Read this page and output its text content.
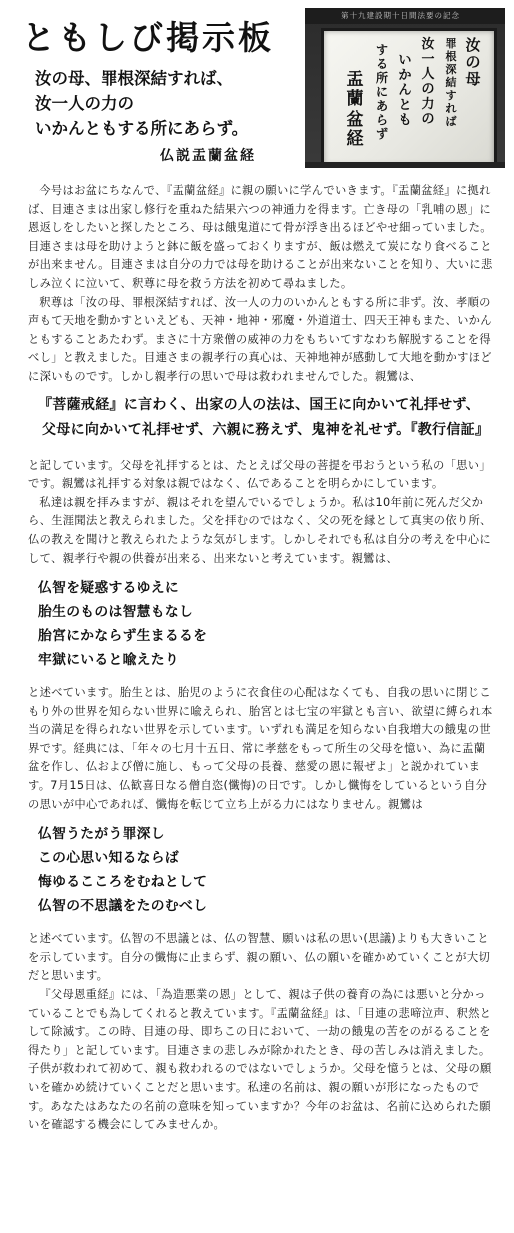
ともしび掲示板
汝の母、罪根深結すれば、
汝一人の力の
いかんともする所にあらず。
仏説盂蘭盆経
第十九建設期十日間法要の記念
汝の母
罪根深結すれば
汝一人の力の
いかんとも
する所にあらず
盂蘭
盆経

今号はお盆にちなんで、『盂蘭盆経』に親の願いに学んでいきます。『盂蘭盆経』に拠れば、目連さまは出家し修行を重ねた結果六つの神通力を得ます。亡き母の「乳哺の恩」に恩返しをしたいと探したところ、母は餓鬼道にて骨が浮き出るほどやせ細っていました。目連さまは母を助けようと鉢に飯を盛っておくりますが、飯は燃えて炭になり食べることが出来ません。目連さまは自分の力では母を助けることが出来ないことを知り、大いに悲しみ泣くに泣いて、釈尊に母を救う方法を初めて尋ねました。

釈尊は「汝の母、罪根深結すれば、汝一人の力のいかんともする所に非ず。汝、孝順の声もて天地を動かすといえども、天神・地神・邪魔・外道道士、四天王神もまた、いかんともすることあたわず。まさに十方衆僧の威神の力をもちいてすなわち解脱することを得べし」と教えました。目連さまの親孝行の真心は、天神地神が感動して大地を動かすほどに深いものです。しかし親孝行の思いで母は救われませんでした。親鸞は、

『菩薩戒経』に言わく、出家の人の法は、国王に向かいて礼拝せず、
父母に向かいて礼拝せず、六親に務えず、鬼神を礼せず。『教行信証』

と記しています。父母を礼拝するとは、たとえば父母の菩提を弔おうという私の「思い」です。親鸞は礼拝する対象は親ではなく、仏であることを明らかにしています。

私達は親を拝みますが、親はそれを望んでいるでしょうか。私は10年前に死んだ父から、生涯聞法と教えられました。父を拝むのではなく、父の死を縁として真実の依り所、仏の教えを聞けと教えられたような気がします。しかしそれでも私は自分の考えを中心にして、親孝行や親の供養が出来る、出来ないと考えています。親鸞は、

仏智を疑惑するゆえに
胎生のものは智慧もなし
胎宮にかならず生まるるを
牢獄にいると喩えたり

と述べています。胎生とは、胎児のように衣食住の心配はなくても、自我の思いに閉じこもり外の世界を知らない世界に喩えられ、胎宮とは七宝の牢獄とも言い、欲望に縛られ本当の満足を得られない世界を示しています。いずれも満足を知らない自我増大の餓鬼の世界です。経典には、「年々の七月十五日、常に孝慈をもって所生の父母を憶い、為に盂蘭盆を作し、仏および僧に施し、もって父母の長養、慈愛の恩に報ぜよ」と説かれています。7月15日は、仏歓喜日なる僧自恣(懺悔)の日です。しかし懺悔をしているという自分の思いが中心であれば、懺悔を転じて立ち上がる力にはなりません。親鸞は

仏智うたがう罪深し
この心思い知るならば
悔ゆるこころをむねとして
仏智の不思議をたのむべし

と述べています。仏智の不思議とは、仏の智慧、願いは私の思い(思議)よりも大きいことを示しています。自分の懺悔に止まらず、親の願い、仏の願いを確かめていくことが大切だと思います。

『父母恩重経』には、「為造悪業の恩」として、親は子供の養育の為には悪いと分かっていることでも為してくれると教えています。『盂蘭盆経』は、「目連の悲啼泣声、釈然として除滅す。この時、目連の母、即ちこの日において、一劫の餓鬼の苦をのがるることを得たり」と記しています。目連さまの悲しみが除かれたとき、母の苦しみは消えました。子供が救われて初めて、親も救われるのではないでしょうか。父母を憶うとは、父母の願いを確かめ続けていくことだと思います。私達の名前は、親の願いが形になったものです。あなたはあなたの名前の意味を知っていますか？今年のお盆は、名前に込められた願いを確認する機会にしてみませんか。
